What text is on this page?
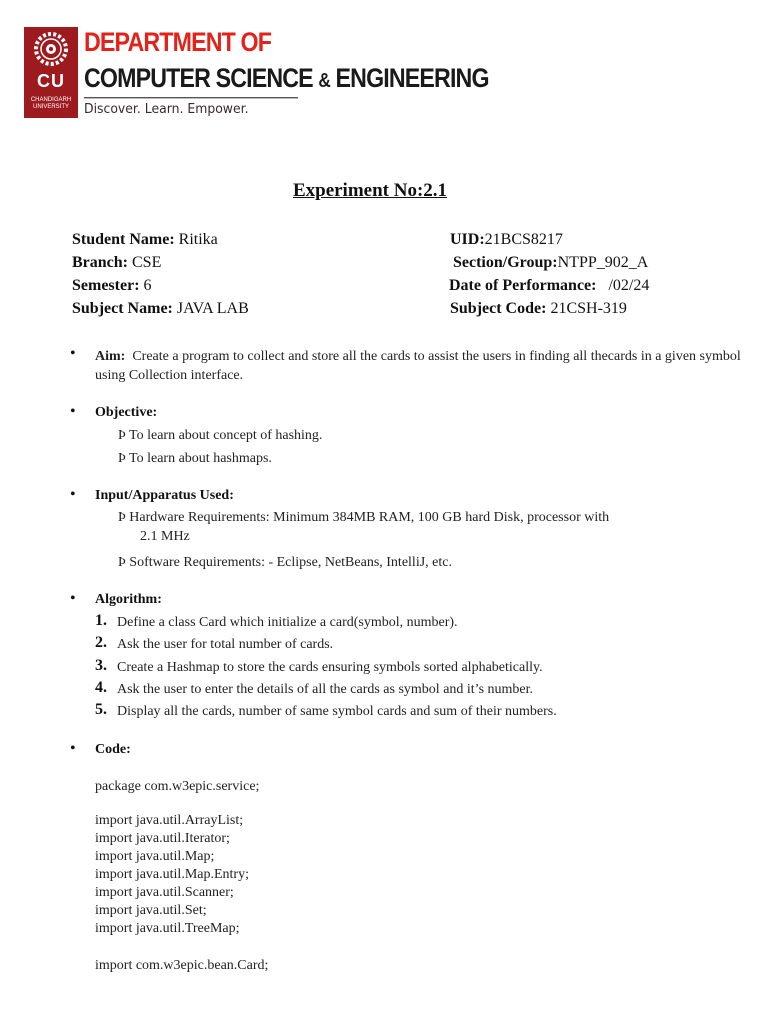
CU
CHANDIGARH UNIVERSITY
DEPARTMENT OF
COMPUTER SCIENCE & ENGINEERING
Discover. Learn. Empower.
Experiment No:2.1
Student Name: Ritika	UID:21BCS8217
Branch: CSE	Section/Group:NTPP_902_A
Semester: 6	Date of Performance:   /02/24
Subject Name: JAVA LAB	Subject Code: 21CSH-319
• Aim: Create a program to collect and store all the cards to assist the users in finding all thecards in a given symbol using Collection interface.
• Objective:
Þ To learn about concept of hashing.
Þ To learn about hashmaps.
• Input/Apparatus Used:
Þ Hardware Requirements: Minimum 384MB RAM, 100 GB hard Disk, processor with
2.1 MHz
Þ Software Requirements: - Eclipse, NetBeans, IntelliJ, etc.
• Algorithm:
1. Define a class Card which initialize a card(symbol, number).
2. Ask the user for total number of cards.
3. Create a Hashmap to store the cards ensuring symbols sorted alphabetically.
4. Ask the user to enter the details of all the cards as symbol and it’s number.
5. Display all the cards, number of same symbol cards and sum of their numbers.
• Code:
package com.w3epic.service;
import java.util.ArrayList;
import java.util.Iterator;
import java.util.Map;
import java.util.Map.Entry;
import java.util.Scanner;
import java.util.Set;
import java.util.TreeMap;
import com.w3epic.bean.Card;
